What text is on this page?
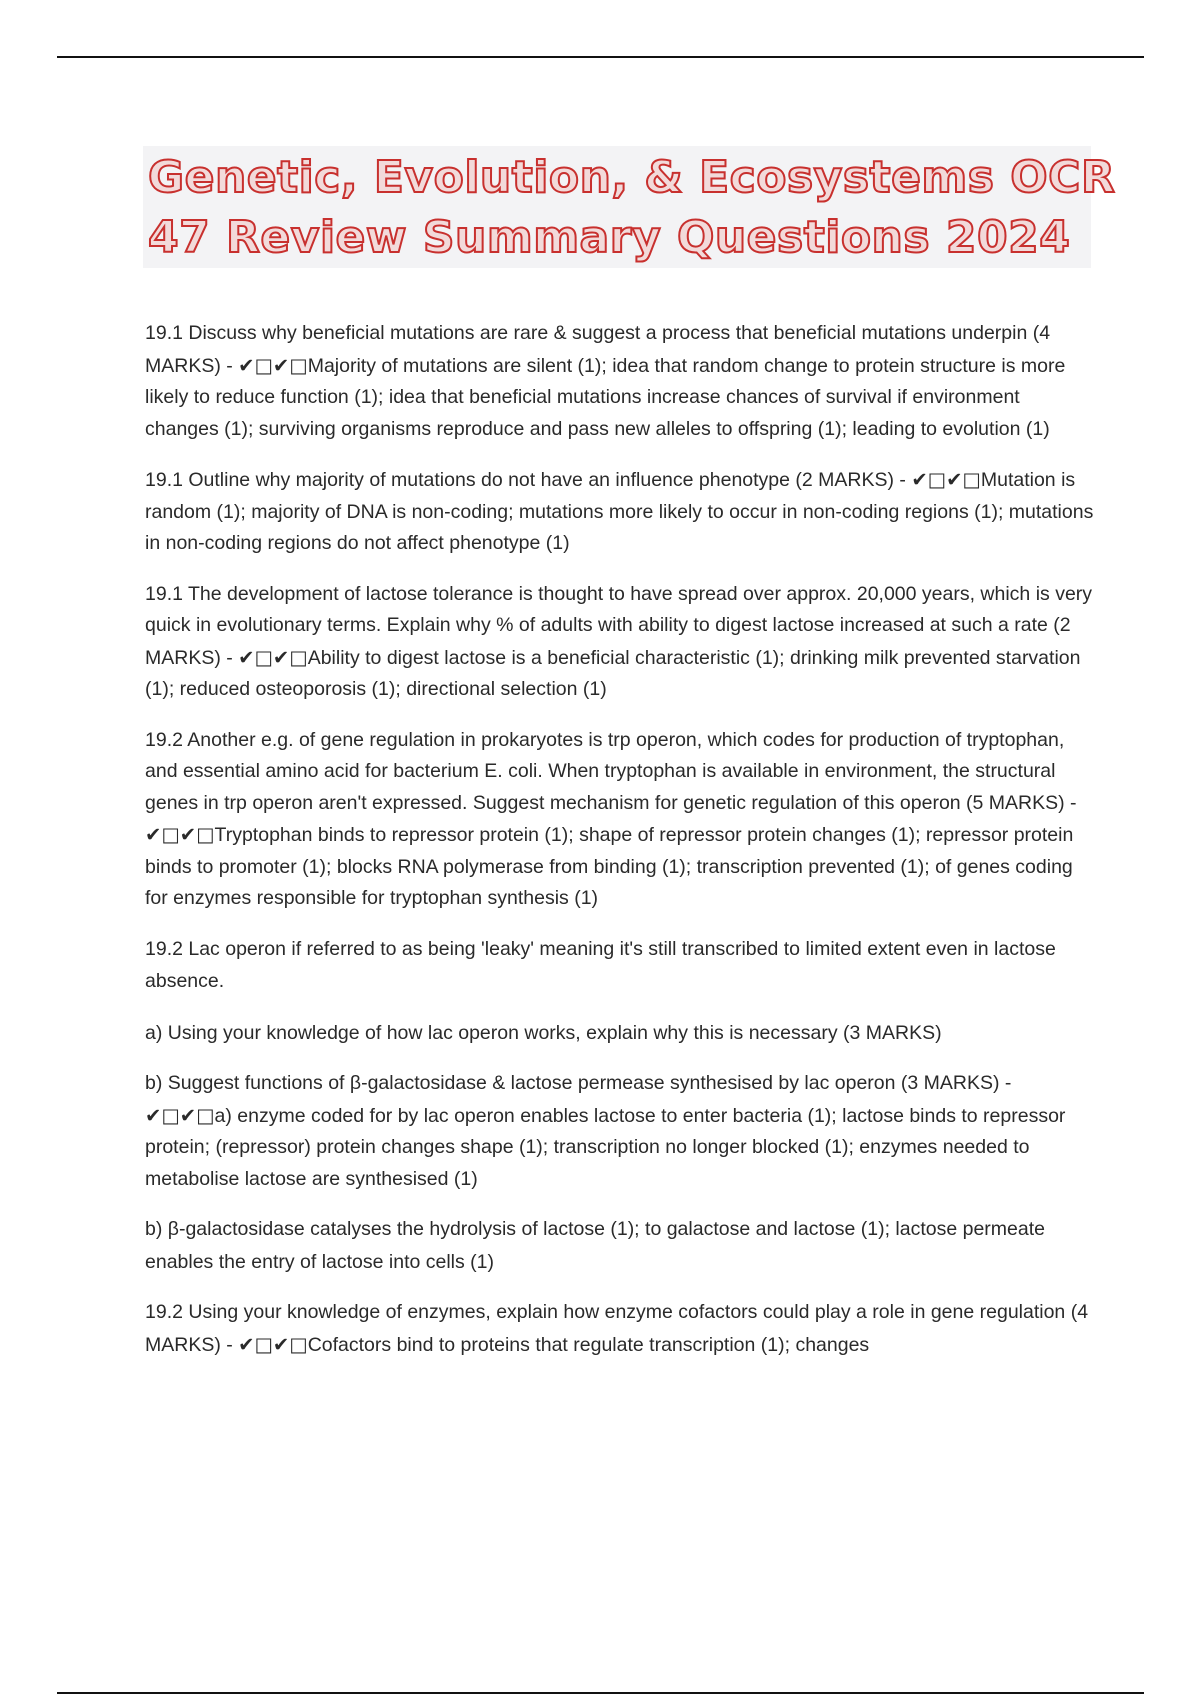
Genetic, Evolution, & Ecosystems OCR
47 Review Summary Questions 2024

19.1 Discuss why beneficial mutations are rare & suggest a process that beneficial mutations underpin (4 MARKS) - ✔□✔□Majority of mutations are silent (1); idea that random change to protein structure is more likely to reduce function (1); idea that beneficial mutations increase chances of survival if environment changes (1); surviving organisms reproduce and pass new alleles to offspring (1); leading to evolution (1)

19.1 Outline why majority of mutations do not have an influence phenotype (2 MARKS) - ✔□✔□Mutation is random (1); majority of DNA is non-coding; mutations more likely to occur in non-coding regions (1); mutations in non-coding regions do not affect phenotype (1)

19.1 The development of lactose tolerance is thought to have spread over approx. 20,000 years, which is very quick in evolutionary terms. Explain why % of adults with ability to digest lactose increased at such a rate (2 MARKS) - ✔□✔□Ability to digest lactose is a beneficial characteristic (1); drinking milk prevented starvation (1); reduced osteoporosis (1); directional selection (1)

19.2 Another e.g. of gene regulation in prokaryotes is trp operon, which codes for production of tryptophan, and essential amino acid for bacterium E. coli. When tryptophan is available in environment, the structural genes in trp operon aren't expressed. Suggest mechanism for genetic regulation of this operon (5 MARKS) - ✔□✔□Tryptophan binds to repressor protein (1); shape of repressor protein changes (1); repressor protein binds to promoter (1); blocks RNA polymerase from binding (1); transcription prevented (1); of genes coding for enzymes responsible for tryptophan synthesis (1)

19.2 Lac operon if referred to as being 'leaky' meaning it's still transcribed to limited extent even in lactose absence.

a) Using your knowledge of how lac operon works, explain why this is necessary (3 MARKS)

b) Suggest functions of β-galactosidase & lactose permease synthesised by lac operon (3 MARKS) - ✔□✔□a) enzyme coded for by lac operon enables lactose to enter bacteria (1); lactose binds to repressor protein; (repressor) protein changes shape (1); transcription no longer blocked (1); enzymes needed to metabolise lactose are synthesised (1)

b) β-galactosidase catalyses the hydrolysis of lactose (1); to galactose and lactose (1); lactose permeate enables the entry of lactose into cells (1)

19.2 Using your knowledge of enzymes, explain how enzyme cofactors could play a role in gene regulation (4 MARKS) - ✔□✔□Cofactors bind to proteins that regulate transcription (1); changes
